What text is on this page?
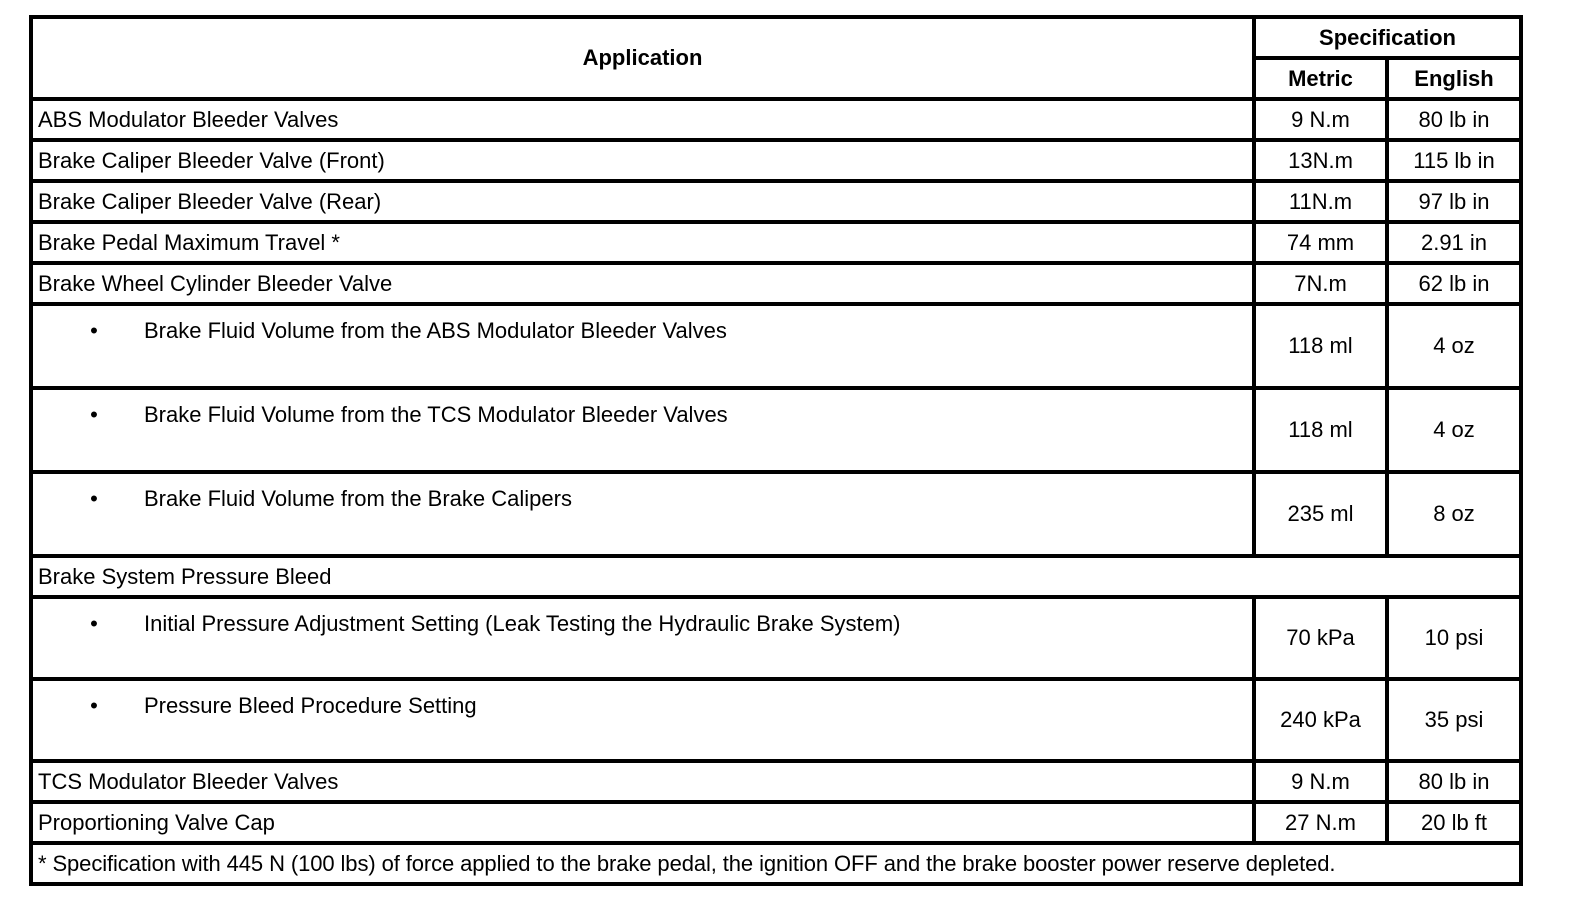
Application	Specification	
	Metric	English
ABS Modulator Bleeder Valves	9 N.m	80 lb in
Brake Caliper Bleeder Valve (Front)	13N.m	115 lb in
Brake Caliper Bleeder Valve (Rear)	11N.m	97 lb in
Brake Pedal Maximum Travel *	74 mm	2.91 in
Brake Wheel Cylinder Bleeder Valve	7N.m	62 lb in
• Brake Fluid Volume from the ABS Modulator Bleeder Valves	118 ml	4 oz
• Brake Fluid Volume from the TCS Modulator Bleeder Valves	118 ml	4 oz
• Brake Fluid Volume from the Brake Calipers	235 ml	8 oz
Brake System Pressure Bleed		
• Initial Pressure Adjustment Setting (Leak Testing the Hydraulic Brake System)	70 kPa	10 psi
• Pressure Bleed Procedure Setting	240 kPa	35 psi
TCS Modulator Bleeder Valves	9 N.m	80 lb in
Proportioning Valve Cap	27 N.m	20 lb ft
* Specification with 445 N (100 lbs) of force applied to the brake pedal, the ignition OFF and the brake booster power reserve depleted.		
